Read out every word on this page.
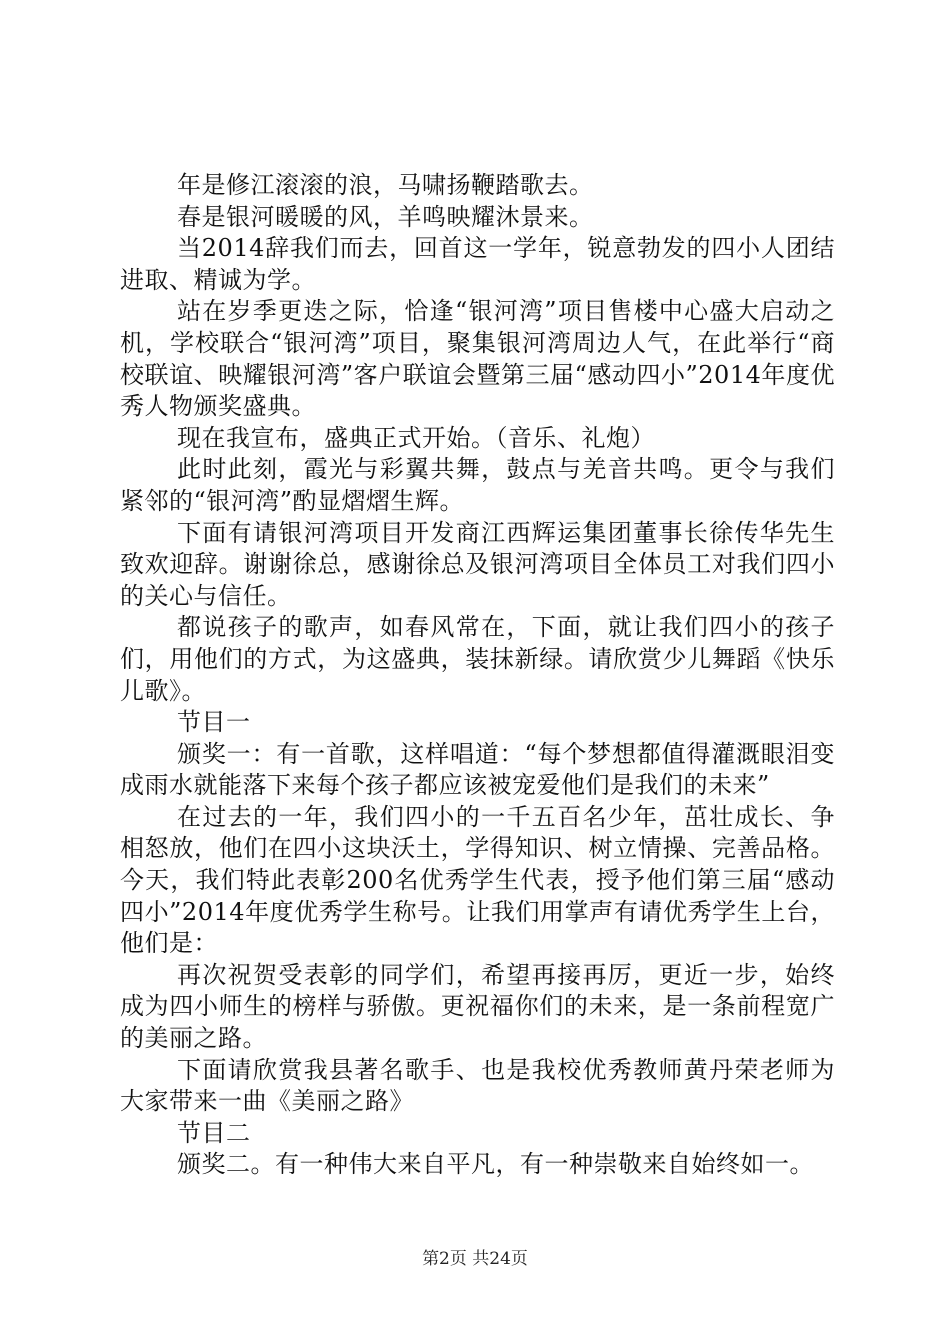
年是修江滚滚的浪，马啸扬鞭踏歌去。

春是银河暖暖的风，羊鸣映耀沐景来。

当2014辞我们而去，回首这一学年，锐意勃发的四小人团结进取、精诚为学。

站在岁季更迭之际，恰逢“银河湾”项目售楼中心盛大启动之机，学校联合“银河湾”项目，聚集银河湾周边人气，在此举行“商校联谊、映耀银河湾”客户联谊会暨第三届“感动四小”2014年度优秀人物颁奖盛典。

现在我宣布，盛典正式开始。（音乐、礼炮）

此时此刻，霞光与彩翼共舞，鼓点与羌音共鸣。更令与我们紧邻的“银河湾”酌显熠熠生辉。

下面有请银河湾项目开发商江西辉运集团董事长徐传华先生致欢迎辞。谢谢徐总，感谢徐总及银河湾项目全体员工对我们四小的关心与信任。

都说孩子的歌声，如春风常在，下面，就让我们四小的孩子们，用他们的方式，为这盛典，装抹新绿。请欣赏少儿舞蹈《快乐儿歌》。

节目一

颁奖一：有一首歌，这样唱道：“每个梦想都值得灌溉眼泪变成雨水就能落下来每个孩子都应该被宠爱他们是我们的未来”

在过去的一年，我们四小的一千五百名少年，茁壮成长、争相怒放，他们在四小这块沃土，学得知识、树立情操、完善品格。今天，我们特此表彰200名优秀学生代表，授予他们第三届“感动四小”2014年度优秀学生称号。让我们用掌声有请优秀学生上台，他们是：

再次祝贺受表彰的同学们，希望再接再厉，更近一步，始终成为四小师生的榜样与骄傲。更祝福你们的未来，是一条前程宽广的美丽之路。

下面请欣赏我县著名歌手、也是我校优秀教师黄丹荣老师为大家带来一曲《美丽之路》

节目二

颁奖二。有一种伟大来自平凡，有一种崇敬来自始终如一。

第2页 共24页
